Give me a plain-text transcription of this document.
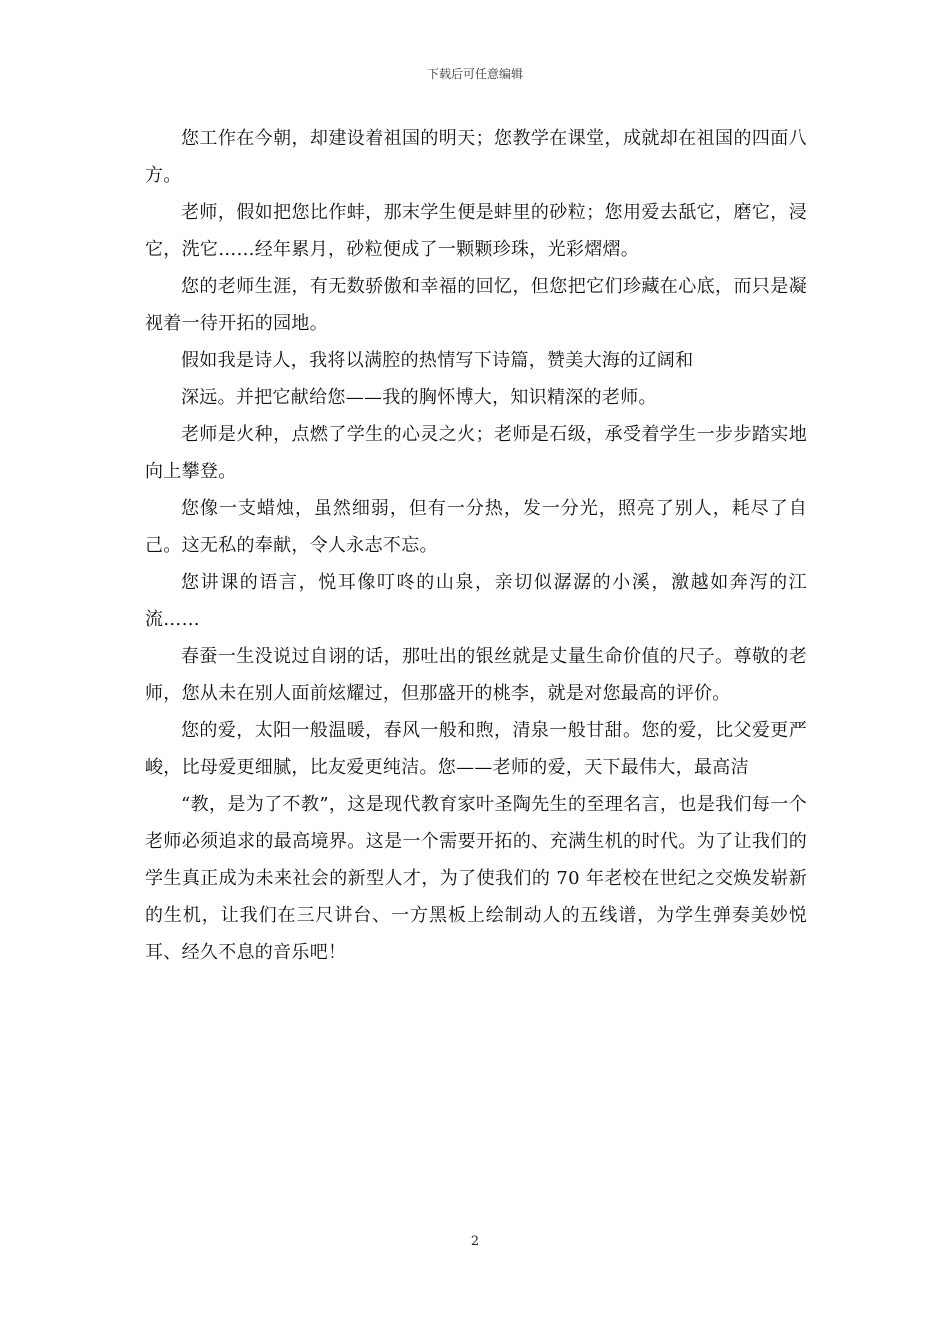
下载后可任意编辑

您工作在今朝，却建设着祖国的明天；您教学在课堂，成就却在祖国的四面八方。

老师，假如把您比作蚌，那末学生便是蚌里的砂粒；您用爱去舐它，磨它，浸它，洗它……经年累月，砂粒便成了一颗颗珍珠，光彩熠熠。

您的老师生涯，有无数骄傲和幸福的回忆，但您把它们珍藏在心底，而只是凝视着一待开拓的园地。

假如我是诗人，我将以满腔的热情写下诗篇，赞美大海的辽阔和

深远。并把它献给您——我的胸怀博大，知识精深的老师。

老师是火种，点燃了学生的心灵之火；老师是石级，承受着学生一步步踏实地向上攀登。

您像一支蜡烛，虽然细弱，但有一分热，发一分光，照亮了别人，耗尽了自己。这无私的奉献，令人永志不忘。

您讲课的语言，悦耳像叮咚的山泉，亲切似潺潺的小溪，激越如奔泻的江流……

春蚕一生没说过自诩的话，那吐出的银丝就是丈量生命价值的尺子。尊敬的老师，您从未在别人面前炫耀过，但那盛开的桃李，就是对您最高的评价。

您的爱，太阳一般温暖，春风一般和煦，清泉一般甘甜。您的爱，比父爱更严峻，比母爱更细腻，比友爱更纯洁。您——老师的爱，天下最伟大，最高洁

“教，是为了不教”，这是现代教育家叶圣陶先生的至理名言，也是我们每一个老师必须追求的最高境界。这是一个需要开拓的、充满生机的时代。为了让我们的学生真正成为未来社会的新型人才，为了使我们的 70 年老校在世纪之交焕发崭新的生机，让我们在三尺讲台、一方黑板上绘制动人的五线谱，为学生弹奏美妙悦耳、经久不息的音乐吧！

2
